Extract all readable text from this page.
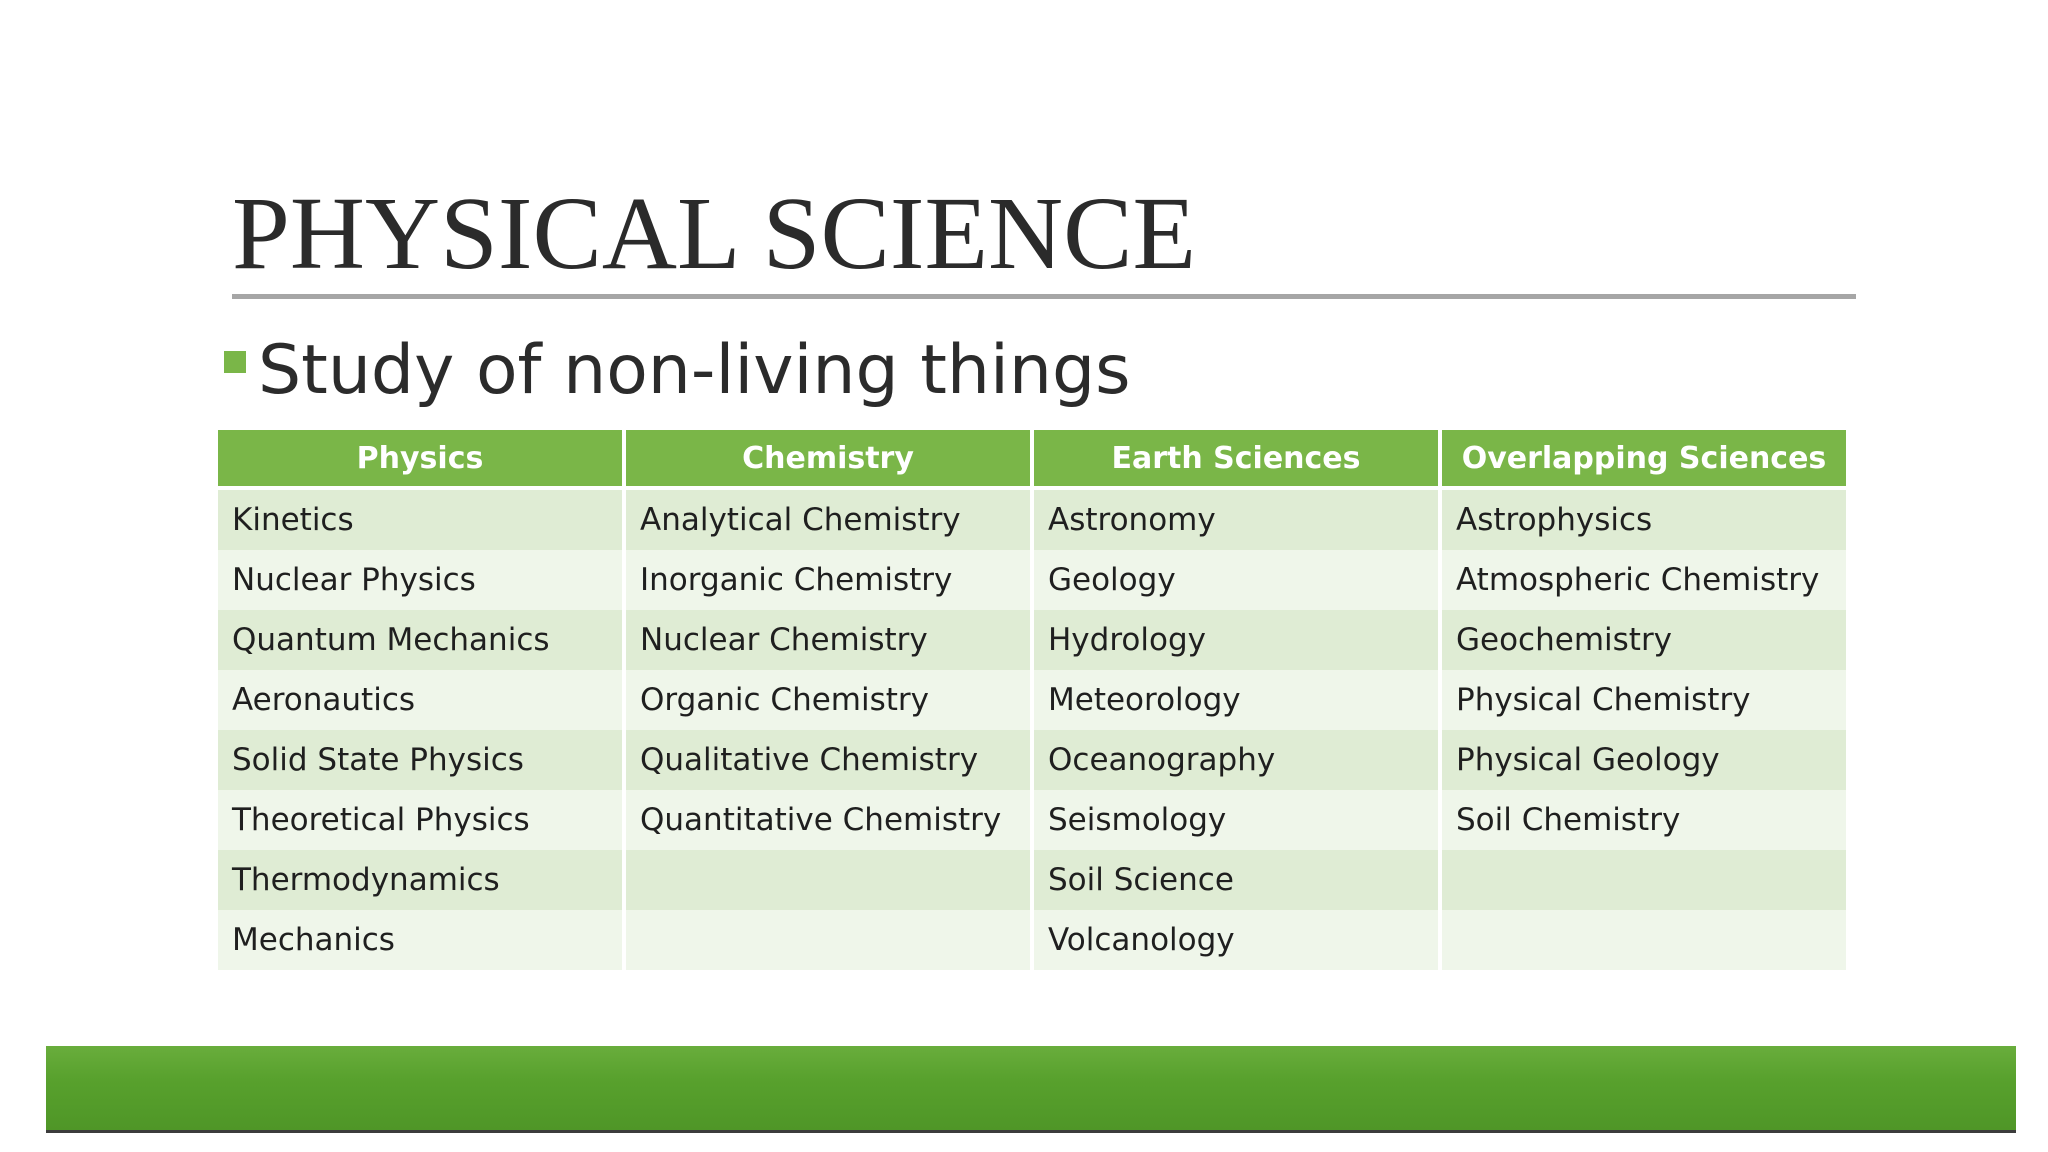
PHYSICAL SCIENCE
Study of non-living things
Physics	Chemistry	Earth Sciences	Overlapping Sciences
Kinetics	Analytical Chemistry	Astronomy	Astrophysics
Nuclear Physics	Inorganic Chemistry	Geology	Atmospheric Chemistry
Quantum Mechanics	Nuclear Chemistry	Hydrology	Geochemistry
Aeronautics	Organic Chemistry	Meteorology	Physical Chemistry
Solid State Physics	Qualitative Chemistry	Oceanography	Physical Geology
Theoretical Physics	Quantitative Chemistry	Seismology	Soil Chemistry
Thermodynamics		Soil Science	
Mechanics		Volcanology	
